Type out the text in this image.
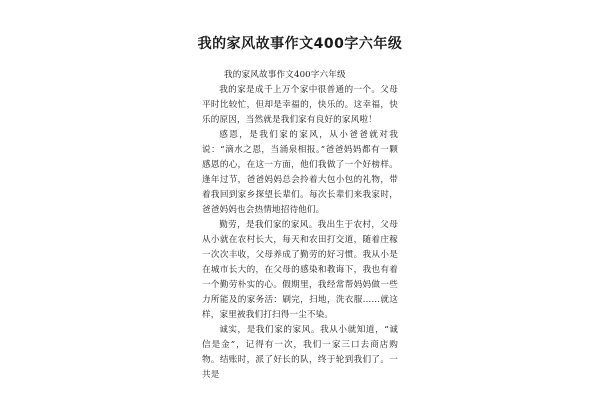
我的家风故事作文400字六年级

我的家风故事作文400字六年级

我的家是成千上万个家中很普通的一个。父母平时比较忙，但却是幸福的，快乐的。这幸福，快乐的原因，当然就是我们家有良好的家风啦！

感恩，是我们家的家风，从小爸爸就对我说：“滴水之恩，当涌泉相报。”爸爸妈妈都有一颗感恩的心，在这一方面，他们我做了一个好榜样。逢年过节，爸爸妈妈总会拎着大包小包的礼物，带着我回到家乡探望长辈们。每次长辈们来我家时，爸爸妈妈也会热情地招待他们。

勤劳，是我们家的家风。我出生于农村，父母从小就在农村长大，每天和农田打交道，随着庄稼一次次丰收，父母养成了勤劳的好习惯。我从小是在城市长大的，在父母的感染和教诲下，我也有着一个勤劳朴实的心。假期里，我经常帮妈妈做一些力所能及的家务活：刷完，扫地，洗衣服……就这样，家里被我们打扫得一尘不染。

诚实，是我们家的家风。我从小就知道，“诚信是金”，记得有一次，我们一家三口去商店购物。结账时，派了好长的队，终于轮到我们了。一共是
